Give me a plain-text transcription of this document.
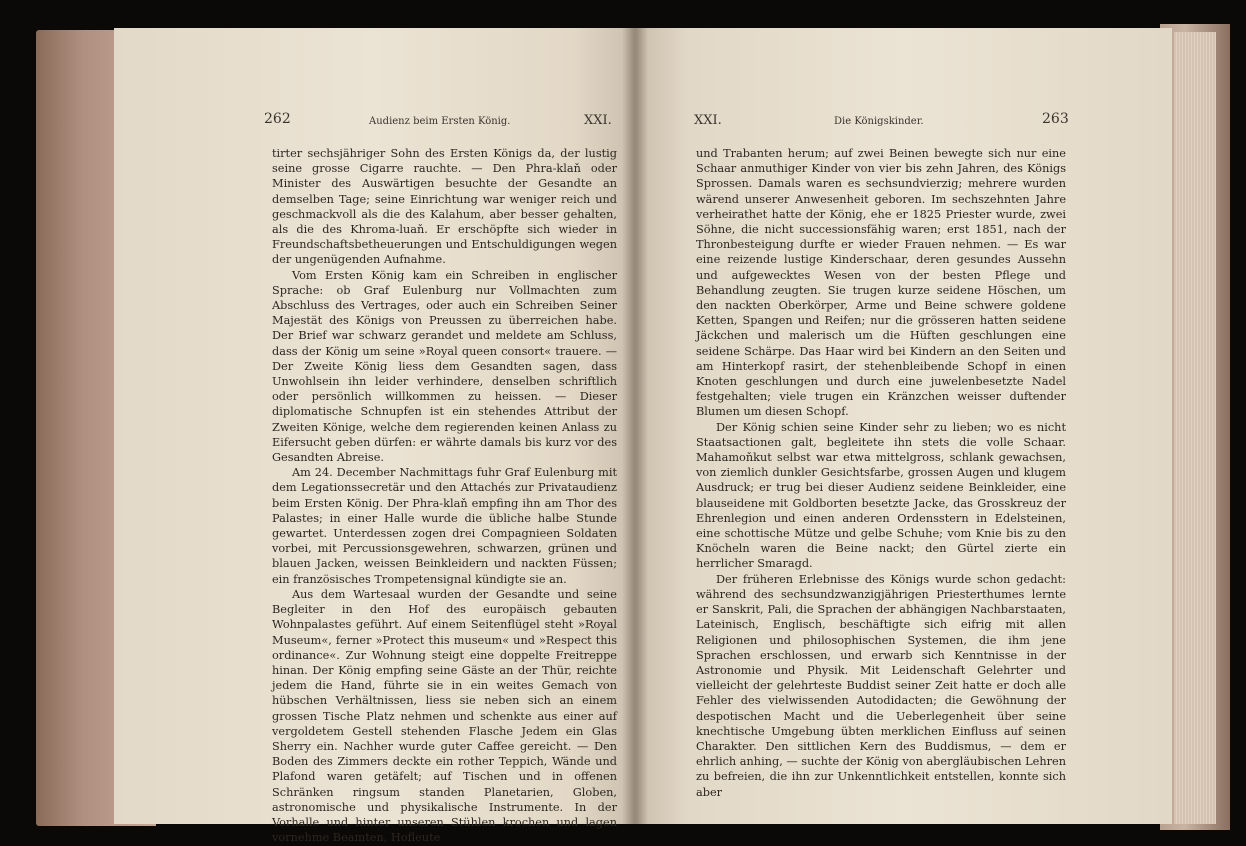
262	Audienz beim Ersten König.	XXI.

tirter sechsjähriger Sohn des Ersten Königs da, der lustig seine grosse Cigarre rauchte. — Den Phra-klaň oder Minister des Auswärtigen besuchte der Gesandte an demselben Tage; seine Einrichtung war weniger reich und geschmackvoll als die des Kalahum, aber besser gehalten, als die des Khroma-luaň. Er erschöpfte sich wieder in Freundschaftsbetheuerungen und Entschuldigungen wegen der ungenügenden Aufnahme.

Vom Ersten König kam ein Schreiben in englischer Sprache: ob Graf Eulenburg nur Vollmachten zum Abschluss des Vertrages, oder auch ein Schreiben Seiner Majestät des Königs von Preussen zu überreichen habe. Der Brief war schwarz gerandet und meldete am Schluss, dass der König um seine »Royal queen consort« trauere. — Der Zweite König liess dem Gesandten sagen, dass Unwohlsein ihn leider verhindere, denselben schriftlich oder persönlich willkommen zu heissen. — Dieser diplomatische Schnupfen ist ein stehendes Attribut der Zweiten Könige, welche dem regierenden keinen Anlass zu Eifersucht geben dürfen: er währte damals bis kurz vor des Gesandten Abreise.

Am 24. December Nachmittags fuhr Graf Eulenburg mit dem Legationssecretär und den Attachés zur Privataudienz beim Ersten König. Der Phra-klaň empfing ihn am Thor des Palastes; in einer Halle wurde die übliche halbe Stunde gewartet. Unterdessen zogen drei Compagnieen Soldaten vorbei, mit Percussionsgewehren, schwarzen, grünen und blauen Jacken, weissen Beinkleidern und nackten Füssen; ein französisches Trompetensignal kündigte sie an.

Aus dem Wartesaal wurden der Gesandte und seine Begleiter in den Hof des europäisch gebauten Wohnpalastes geführt. Auf einem Seitenflügel steht »Royal Museum«, ferner »Protect this museum« und »Respect this ordinance«. Zur Wohnung steigt eine doppelte Freitreppe hinan. Der König empfing seine Gäste an der Thür, reichte jedem die Hand, führte sie in ein weites Gemach von hübschen Verhältnissen, liess sie neben sich an einem grossen Tische Platz nehmen und schenkte aus einer auf vergoldetem Gestell stehenden Flasche Jedem ein Glas Sherry ein. Nachher wurde guter Caffee gereicht. — Den Boden des Zimmers deckte ein rother Teppich, Wände und Plafond waren getäfelt; auf Tischen und in offenen Schränken ringsum standen Planetarien, Globen, astronomische und physikalische Instrumente. In der Vorhalle und hinter unseren Stühlen krochen und lagen vornehme Beamten, Hofleute

XXI.	Die Königskinder.	263

und Trabanten herum; auf zwei Beinen bewegte sich nur eine Schaar anmuthiger Kinder von vier bis zehn Jahren, des Königs Sprossen. Damals waren es sechsundvierzig; mehrere wurden wärend unserer Anwesenheit geboren. Im sechszehnten Jahre verheirathet hatte der König, ehe er 1825 Priester wurde, zwei Söhne, die nicht successionsfähig waren; erst 1851, nach der Thronbesteigung durfte er wieder Frauen nehmen. — Es war eine reizende lustige Kinderschaar, deren gesundes Aussehn und aufgewecktes Wesen von der besten Pflege und Behandlung zeugten. Sie trugen kurze seidene Höschen, um den nackten Oberkörper, Arme und Beine schwere goldene Ketten, Spangen und Reifen; nur die grösseren hatten seidene Jäckchen und malerisch um die Hüften geschlungen eine seidene Schärpe. Das Haar wird bei Kindern an den Seiten und am Hinterkopf rasirt, der stehenbleibende Schopf in einen Knoten geschlungen und durch eine juwelenbesetzte Nadel festgehalten; viele trugen ein Kränzchen weisser duftender Blumen um diesen Schopf.

Der König schien seine Kinder sehr zu lieben; wo es nicht Staatsactionen galt, begleitete ihn stets die volle Schaar. Mahamoňkut selbst war etwa mittelgross, schlank gewachsen, von ziemlich dunkler Gesichtsfarbe, grossen Augen und klugem Ausdruck; er trug bei dieser Audienz seidene Beinkleider, eine blauseidene mit Goldborten besetzte Jacke, das Grosskreuz der Ehrenlegion und einen anderen Ordensstern in Edelsteinen, eine schottische Mütze und gelbe Schuhe; vom Knie bis zu den Knöcheln waren die Beine nackt; den Gürtel zierte ein herrlicher Smaragd.

Der früheren Erlebnisse des Königs wurde schon gedacht: während des sechsundzwanzigjährigen Priesterthumes lernte er Sanskrit, Pali, die Sprachen der abhängigen Nachbarstaaten, Lateinisch, Englisch, beschäftigte sich eifrig mit allen Religionen und philosophischen Systemen, die ihm jene Sprachen erschlossen, und erwarb sich Kenntnisse in der Astronomie und Physik. Mit Leidenschaft Gelehrter und vielleicht der gelehrteste Buddist seiner Zeit hatte er doch alle Fehler des vielwissenden Autodidacten; die Gewöhnung der despotischen Macht und die Ueberlegenheit über seine knechtische Umgebung übten merklichen Einfluss auf seinen Charakter. Den sittlichen Kern des Buddismus, — dem er ehrlich anhing, — suchte der König von abergläubischen Lehren zu befreien, die ihn zur Unkenntlichkeit entstellen, konnte sich aber
